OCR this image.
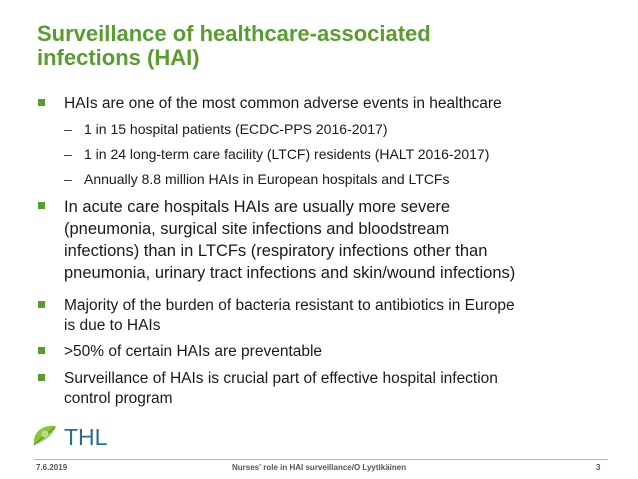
Surveillance of healthcare-associated
infections (HAI)
HAIs are one of the most common adverse events in healthcare
– 1 in 15 hospital patients (ECDC-PPS 2016-2017)
– 1 in 24 long-term care facility (LTCF) residents (HALT 2016-2017)
– Annually 8.8 million HAIs in European hospitals and LTCFs
In acute care hospitals HAIs are usually more severe
(pneumonia, surgical site infections and bloodstream
infections) than in LTCFs (respiratory infections other than
pneumonia, urinary tract infections and skin/wound infections)
Majority of the burden of bacteria resistant to antibiotics in Europe
is due to HAIs
>50% of certain HAIs are preventable
Surveillance of HAIs is crucial part of effective hospital infection
control program
THL
7.6.2019	Nurses' role in HAI surveillance/O Lyytikäinen	3
